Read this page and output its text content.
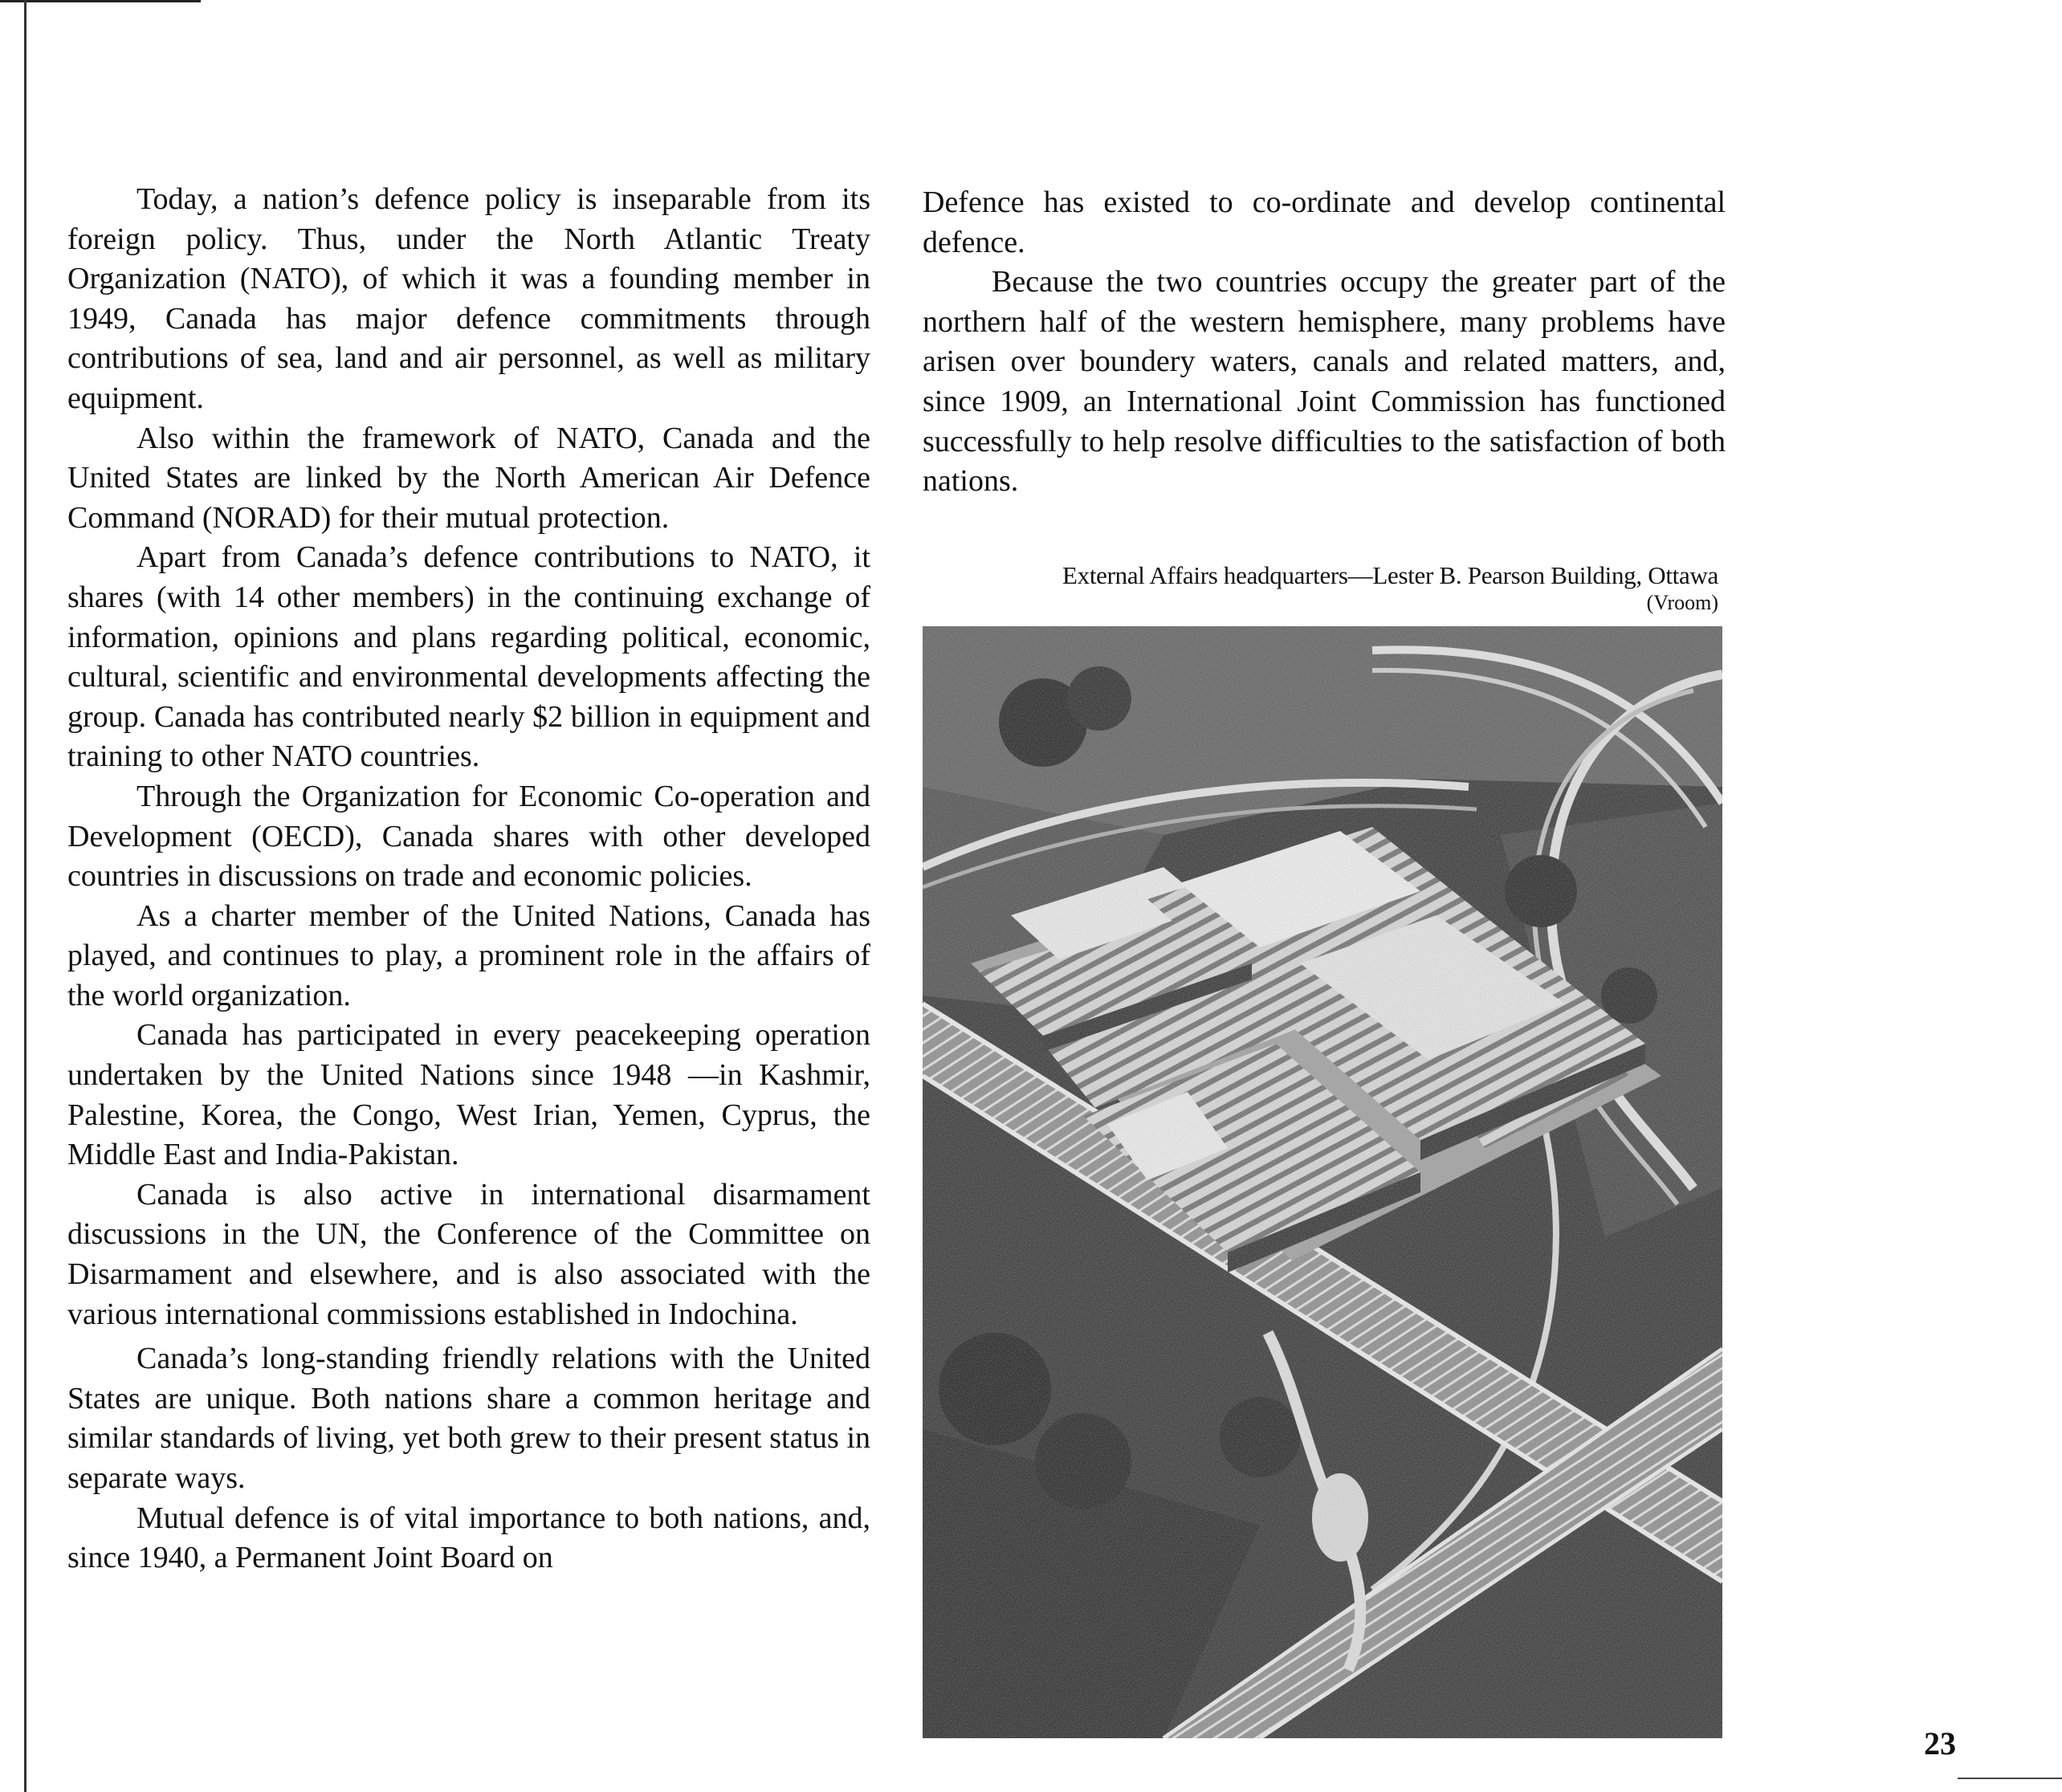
Today, a nation’s defence policy is inseparable from its foreign policy. Thus, under the North Atlantic Treaty Organization (NATO), of which it was a founding member in 1949, Canada has major defence commitments through contributions of sea, land and air personnel, as well as military equipment.

Also within the framework of NATO, Canada and the United States are linked by the North American Air Defence Command (NORAD) for their mutual protection.

Apart from Canada’s defence contributions to NATO, it shares (with 14 other members) in the continuing exchange of information, opinions and plans regarding political, economic, cultural, scientific and environmental developments affecting the group. Canada has contributed nearly $2 billion in equipment and training to other NATO countries.

Through the Organization for Economic Co-operation and Development (OECD), Canada shares with other developed countries in discussions on trade and economic policies.

As a charter member of the United Nations, Canada has played, and continues to play, a prominent role in the affairs of the world organization.

Canada has participated in every peacekeeping operation undertaken by the United Nations since 1948 —in Kashmir, Palestine, Korea, the Congo, West Irian, Yemen, Cyprus, the Middle East and India-Pakistan.

Canada is also active in international disarmament discussions in the UN, the Conference of the Committee on Disarmament and elsewhere, and is also associated with the various international commissions established in Indochina.

Canada’s long-standing friendly relations with the United States are unique. Both nations share a common heritage and similar standards of living, yet both grew to their present status in separate ways.

Mutual defence is of vital importance to both nations, and, since 1940, a Permanent Joint Board on

Defence has existed to co-ordinate and develop continental defence.

Because the two countries occupy the greater part of the northern half of the western hemisphere, many problems have arisen over boundery waters, canals and related matters, and, since 1909, an International Joint Commission has functioned successfully to help resolve difficulties to the satisfaction of both nations.

External Affairs headquarters—Lester B. Pearson Building, Ottawa
(Vroom)
23
